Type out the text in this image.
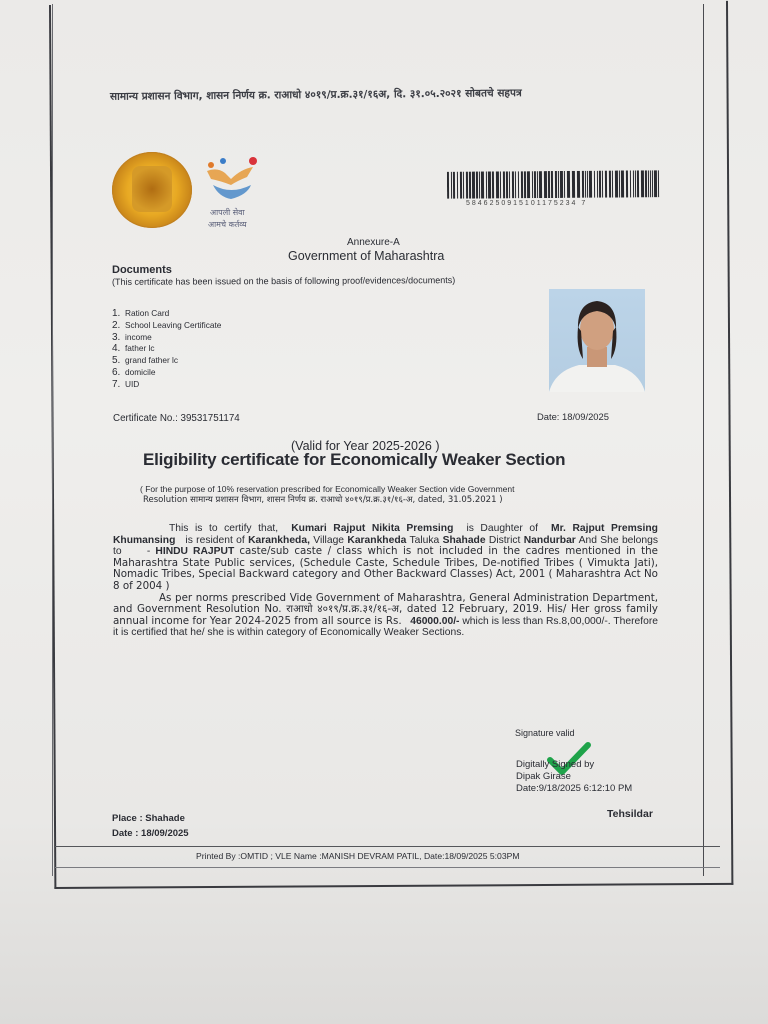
सामान्य प्रशासन विभाग, शासन निर्णय क्र. राआधो ४०१९/प्र.क्र.३१/१६अ, दि. ३१.०५.२०२१ सोबतचे सहपत्र
आपली सेवा
आमचे कर्तव्य
5846250915101175234 7
Annexure-A
Government of Maharashtra
Documents
(This certificate has been issued on the basis of following proof/evidences/documents)
1. Ration Card
2. School Leaving Certificate
3. income
4. father lc
5. grand father lc
6. domicile
7. UID
Certificate No.: 39531751174	Date: 18/09/2025
(Valid for Year 2025-2026 )
Eligibility certificate for Economically Weaker Section
( For the purpose of 10% reservation prescribed for Economically Weaker Section vide Government
Resolution सामान्य प्रशासन विभाग, शासन निर्णय क्र. राआधो ४०१९/प्र.क्र.३१/१६-अ, dated, 31.05.2021 )

This is to certify that, Kumari Rajput Nikita Premsing is Daughter of Mr. Rajput Premsing Khumansing is resident of Karankheda, Village Karankheda Taluka Shahade District Nandurbar And She belongs to - HINDU RAJPUT caste/sub caste / class which is not included in the cadres mentioned in the Maharashtra State Public services, (Schedule Caste, Schedule Tribes, De-notified Tribes ( Vimukta Jati), Nomadic Tribes, Special Backward category and Other Backward Classes) Act, 2001 ( Maharashtra Act No 8 of 2004 )

As per norms prescribed Vide Government of Maharashtra, General Administration Department, and Government Resolution No. राआधो ४०१९/प्र.क्र.३१/१६-अ, dated 12 February, 2019. His/ Her gross family annual income for Year 2024-2025 from all source is Rs. 46000.00/- which is less than Rs.8,00,000/-. Therefore it is certified that he/ she is within category of Economically Weaker Sections.

Signature valid
Digitally Signed by
Dipak Girase
Date:9/18/2025 6:12:10 PM
Tehsildar
Place : Shahade
Date : 18/09/2025
Printed By :OMTID ; VLE Name :MANISH DEVRAM PATIL, Date:18/09/2025 5:03PM
